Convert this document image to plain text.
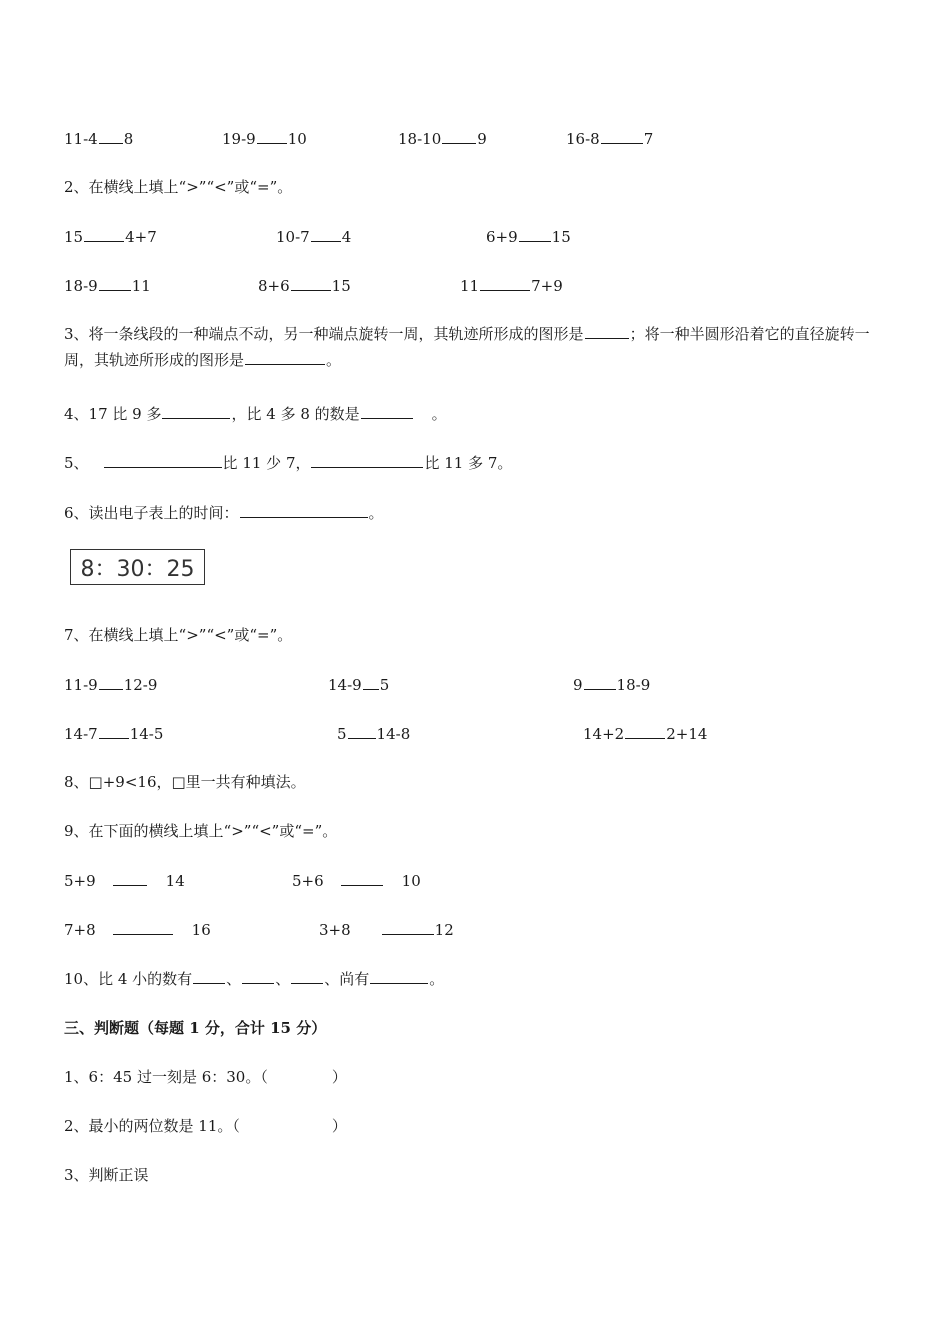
11-4 8	19-9 10	18-10 9	16-8	7
2、在横线上填上“>”“<”或“=”。
15	4+7	10-7 4	6+9 15
18-9 11	8+6	15	11	7+9
3、将一条线段的一种端点不动，另一种端点旋转一周，其轨迹所形成的图形是	；将一种半圆形沿着它的直径旋转一周，其轨迹所形成的图形是	。
4、17 比 9 多	，比 4 多 8 的数是	。
5、	比 11 少 7，	比 11 多 7。
6、读出电子表上的时间：	。
8：30：25
7、在横线上填上“>”“<”或“=”。
11-9 12-9	14-9 5	9 18-9
14-7 14-5	5 14-8	14+2	2+14
8、□+9<16，□里一共有种填法。
9、在下面的横线上填上“>”“<”或“=”。
5+9	14	5+6	10
7+8	16	3+8	12
10、比 4 小的数有 、 、 、尚有	。
三、判断题（每题 1 分，合计 15 分）
1、6：45 过一刻是 6：30。（	）
2、最小的两位数是 11。（	）
3、判断正误
